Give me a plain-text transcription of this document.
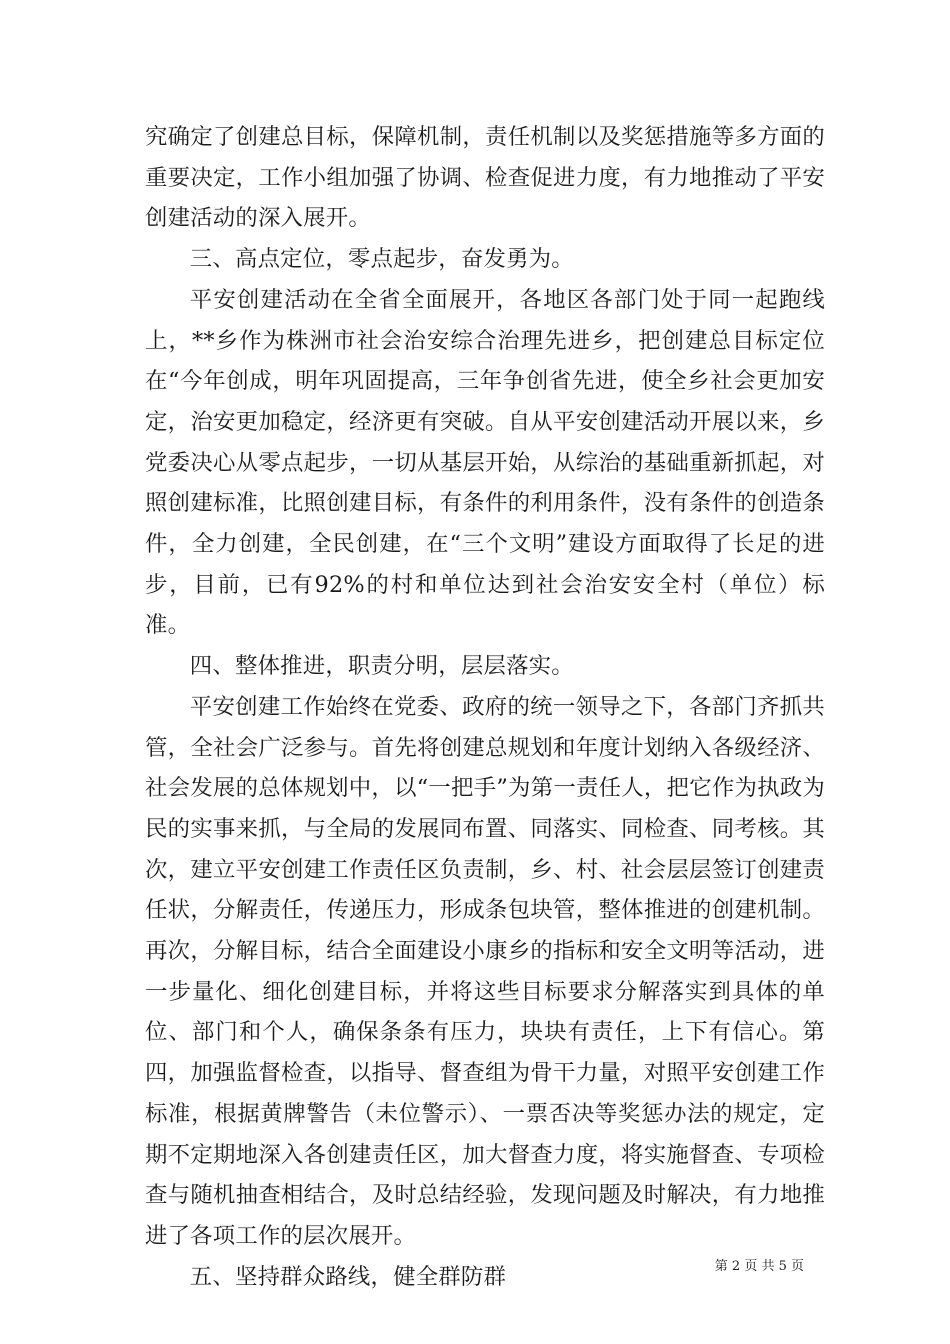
究确定了创建总目标，保障机制，责任机制以及奖惩措施等多方面的重要决定，工作小组加强了协调、检查促进力度，有力地推动了平安创建活动的深入展开。

三、高点定位，零点起步，奋发勇为。

平安创建活动在全省全面展开，各地区各部门处于同一起跑线上，**乡作为株洲市社会治安综合治理先进乡，把创建总目标定位在“今年创成，明年巩固提高，三年争创省先进，使全乡社会更加安定，治安更加稳定，经济更有突破。自从平安创建活动开展以来，乡党委决心从零点起步，一切从基层开始，从综治的基础重新抓起，对照创建标准，比照创建目标，有条件的利用条件，没有条件的创造条件，全力创建，全民创建，在“三个文明”建设方面取得了长足的进步，目前，已有92%的村和单位达到社会治安安全村（单位）标准。

四、整体推进，职责分明，层层落实。

平安创建工作始终在党委、政府的统一领导之下，各部门齐抓共管，全社会广泛参与。首先将创建总规划和年度计划纳入各级经济、社会发展的总体规划中，以“一把手”为第一责任人，把它作为执政为民的实事来抓，与全局的发展同布置、同落实、同检查、同考核。其次，建立平安创建工作责任区负责制，乡、村、社会层层签订创建责任状，分解责任，传递压力，形成条包块管，整体推进的创建机制。再次，分解目标，结合全面建设小康乡的指标和安全文明等活动，进一步量化、细化创建目标，并将这些目标要求分解落实到具体的单位、部门和个人，确保条条有压力，块块有责任，上下有信心。第四，加强监督检查，以指导、督查组为骨干力量，对照平安创建工作标准，根据黄牌警告（未位警示）、一票否决等奖惩办法的规定，定期不定期地深入各创建责任区，加大督查力度，将实施督查、专项检查与随机抽查相结合，及时总结经验，发现问题及时解决，有力地推进了各项工作的层次展开。

五、坚持群众路线，健全群防群	第 2 页 共 5 页
